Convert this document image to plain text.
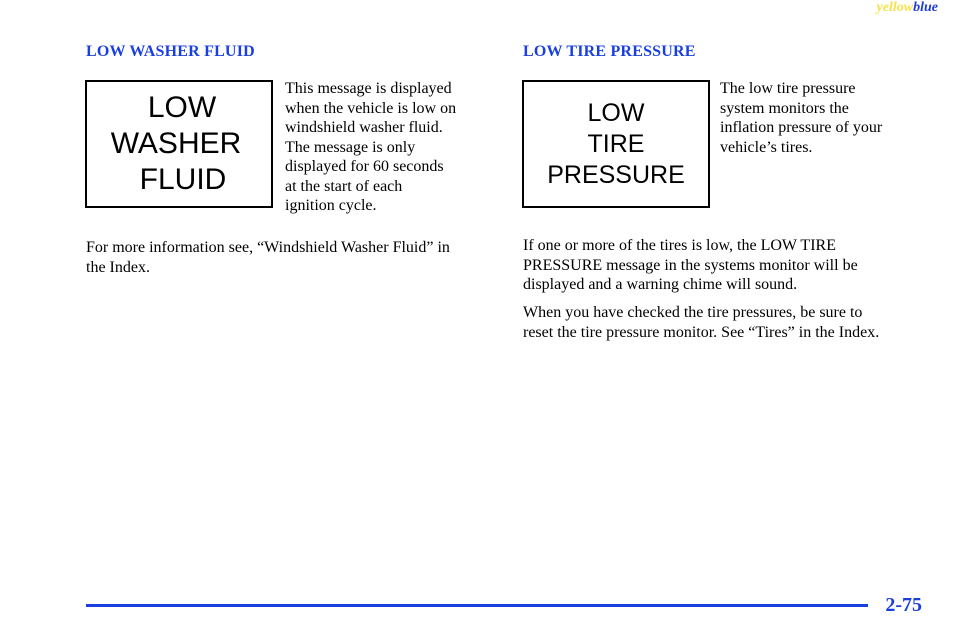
yellowblue
LOW WASHER FLUID
LOW
WASHER
FLUID
This message is displayed
when the vehicle is low on
windshield washer fluid.
The message is only
displayed for 60 seconds
at the start of each
ignition cycle.
For more information see, “Windshield Washer Fluid” in
the Index.
LOW TIRE PRESSURE
LOW
TIRE
PRESSURE
The low tire pressure
system monitors the
inflation pressure of your
vehicle’s tires.
If one or more of the tires is low, the LOW TIRE
PRESSURE message in the systems monitor will be
displayed and a warning chime will sound.
When you have checked the tire pressures, be sure to
reset the tire pressure monitor. See “Tires” in the Index.
2-75
